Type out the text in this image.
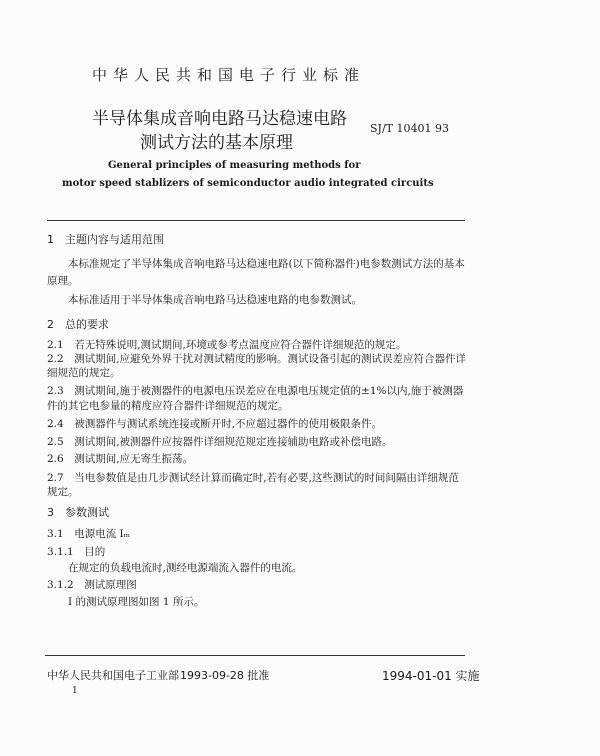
中华人民共和国电子行业标准
半导体集成音响电路马达稳速电路
测试方法的基本原理
SJ/T 10401 93
General principles of measuring methods for
motor speed stablizers of semiconductor audio integrated circuits
1　主题内容与适用范围
本标准规定了半导体集成音响电路马达稳速电路(以下简称器件)电参数测试方法的基本
原理。
本标准适用于半导体集成音响电路马达稳速电路的电参数测试。
2　总的要求
2.1　若无特殊说明,测试期间,环境或参考点温度应符合器件详细规范的规定。
2.2　测试期间,应避免外界干扰对测试精度的影响。测试设备引起的测试误差应符合器件详
细规范的规定。
2.3　测试期间,施于被测器件的电源电压误差应在电源电压规定值的±1%以内,施于被测器
件的其它电参量的精度应符合器件详细规范的规定。
2.4　被测器件与测试系统连接或断开时,不应超过器件的使用极限条件。
2.5　测试期间,被测器件应按器件详细规范规定连接辅助电路或补偿电路。
2.6　测试期间,应无寄生振荡。
2.7　当电参数值是由几步测试经计算而确定时,若有必要,这些测试的时间间隔由详细规范
规定。
3　参数测试
3.1　电源电流 Iₘ
3.1.1　目的
在规定的负载电流时,测经电源端流入器件的电流。
3.1.2　测试原理图
I 的测试原理图如图 1 所示。
中华人民共和国电子工业部 1993-09-28 批准	1994-01-01 实施
1
